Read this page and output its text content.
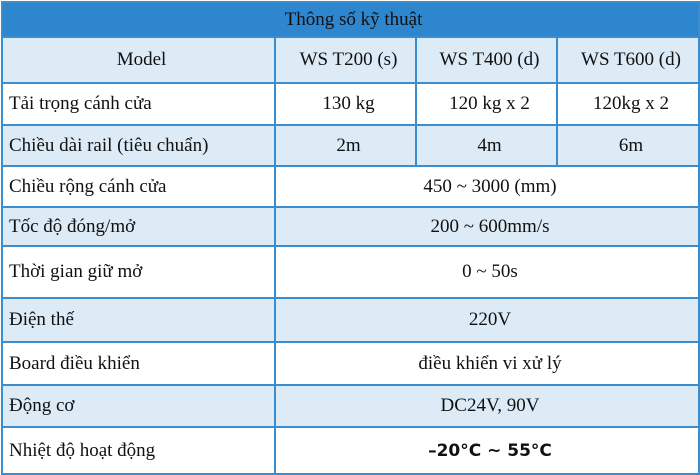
Thông số kỹ thuật			
Model	WS T200 (s)	WS T400 (d)	WS T600 (d)
Tải trọng cánh cửa	130 kg	120 kg x 2	120kg x 2
Chiều dài rail (tiêu chuẩn)	2m	4m	6m
Chiều rộng cánh cửa	450 ~ 3000 (mm)		
Tốc độ đóng/mở	200 ~ 600mm/s		
Thời gian giữ mở	0 ~ 50s		
Điện thế	220V		
Board điều khiển	điều khiển vi xử lý		
Động cơ	DC24V, 90V		
Nhiệt độ hoạt động	–20°C ~ 55°C		
